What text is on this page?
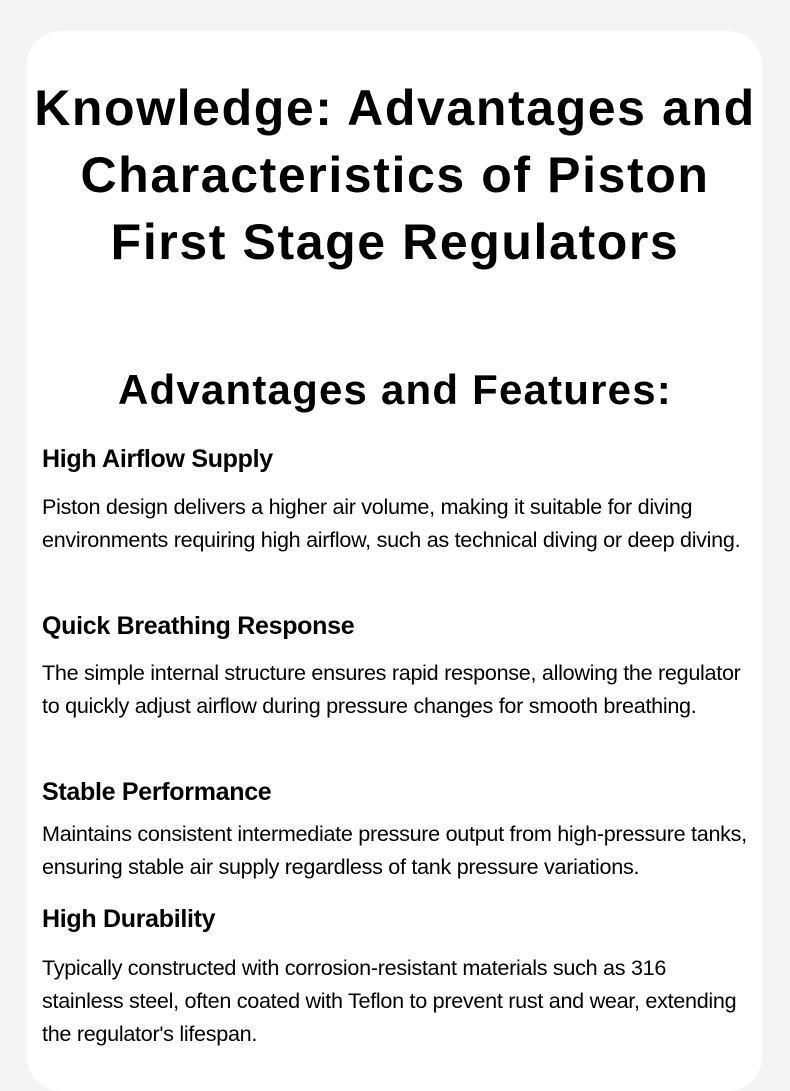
Knowledge: Advantages and Characteristics of Piston First Stage Regulators
Advantages and Features:
High Airflow Supply

Piston design delivers a higher air volume, making it suitable for diving environments requiring high airflow, such as technical diving or deep diving.

Quick Breathing Response

The simple internal structure ensures rapid response, allowing the regulator to quickly adjust airflow during pressure changes for smooth breathing.

Stable Performance

Maintains consistent intermediate pressure output from high-pressure tanks, ensuring stable air supply regardless of tank pressure variations.

High Durability

Typically constructed with corrosion-resistant materials such as 316 stainless steel, often coated with Teflon to prevent rust and wear, extending the regulator's lifespan.
